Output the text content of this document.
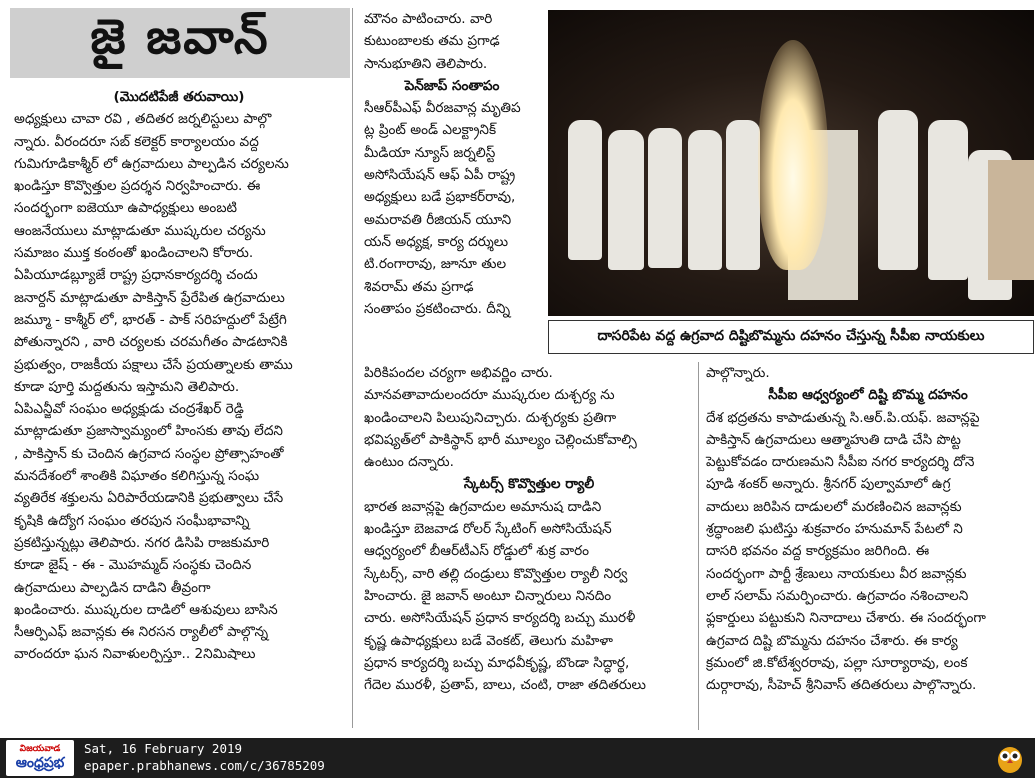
జై జవాన్

(మొదటిపేజీ తరువాయి)

అధ్యక్షులు చావా రవి , తదితర జర్నలిస్టులు పాల్గొ

న్నారు. వీరందరూ సబ్ కలెక్టర్ కార్యాలయం వద్ద

గుమిగూడికాశ్మీర్ లో ఉగ్రవాదులు పాల్పడిన చర్యలను

ఖండిస్తూ కొవ్వొత్తుల ప్రదర్శన నిర్వహించారు. ఈ

సందర్భంగా ఐజెయూ ఉపాధ్యక్షులు అంబటి

ఆంజనేయులు మాట్లాడుతూ ముష్కరుల చర్యను

సమాజం ముక్త కంఠంతో ఖండించాలని కోరారు.

ఏపియూడబ్ల్యూజే రాష్ట్ర ప్రధానకార్యదర్శి చందు

జనార్దన్ మాట్లాడుతూ పాకిస్తాన్ ప్రేరేపిత ఉగ్రవాదులు

జమ్మూ - కాశ్మీర్ లో, భారత్ - పాక్ సరిహద్దులో పేట్రేగి

పోతున్నారని , వారి చర్యలకు చరమగీతం పాడటానికి

ప్రభుత్వం, రాజకీయ పక్షాలు చేసే ప్రయత్నాలకు తాము

కూడా పూర్తి మద్దతును ఇస్తామని తెలిపారు.

ఏపిఎన్జీవో సంఘం అధ్యక్షుడు చంద్రశేఖర్ రెడ్డి

మాట్లాడుతూ ప్రజాస్వామ్యంలో హింసకు తావు లేదని

, పాకిస్తాన్ కు చెందిన ఉగ్రవాద సంస్థల ప్రోత్సాహంతో

మనదేశంలో శాంతికి విఘాతం కలిగిస్తున్న సంఘ

వ్యతిరేక శక్తులను ఏరిపారేయడానికి ప్రభుత్వాలు చేసే

కృషికి ఉద్యోగ సంఘం తరపున సంఘీభావాన్ని

ప్రకటిస్తున్నట్లు తెలిపారు. నగర డిసిపి రాజకుమారి

కూడా జైష్ - ఈ - మొహమ్మద్ సంస్థకు చెందిన

ఉగ్రవాదులు పాల్పడిన దాడిని తీవ్రంగా

ఖండించారు. ముష్కరుల దాడిలో ఆశువులు బాసిన

సీఆర్పిఎఫ్ జవాన్లకు ఈ నిరసన ర్యాలీలో పాల్గొన్న

వారందరూ ఘన నివాళులర్పిస్తూ.. 2నిమిషాలు

మౌనం పాటించారు. వారి

కుటుంబాలకు తమ ప్రగాఢ

సానుభూతిని తెలిపారు.

పెన్‌జాప్ సంతాపం

సీఆర్‌పీఎఫ్ వీరజవాన్ల మృతిప

ట్ల ప్రింట్ అండ్ ఎలక్ట్రానిక్

మీడియా న్యూస్ జర్నలిస్ట్

అసోసియేషన్ ఆఫ్ ఏపీ రాష్ట్ర

అధ్యక్షులు బడే ప్రభాకర్‌రావు,

అమరావతి రీజియన్ యూని

యన్ అధ్యక్ష, కార్య దర్శులు

టి.రంగారావు, జూనూ తుల

శివరామ్ తమ ప్రగాఢ

సంతాపం ప్రకటించారు. దీన్ని

పిరికిపందల చర్యగా అభివర్ణిం చారు.

మానవతావాదులందరూ ముష్కరుల దుశ్చర్య ను

ఖండించాలని పిలుపునిచ్చారు. దుశ్చర్యకు ప్రతిగా

భవిష్యత్‌లో పాకిస్థాన్ భారీ మూల్యం చెల్లించుకోవాల్సి

ఉంటుం దన్నారు.

స్కేటర్స్ కొవ్వొత్తుల ర్యాలీ

భారత జవాన్లపై ఉగ్రవాదుల అమానుష దాడిని

ఖండిస్తూ బెజవాడ రోలర్ స్కేటింగ్ అసోసియేషన్

ఆధ్వర్యంలో బీఆర్‌టీఎస్ రోడ్డులో శుక్ర వారం

స్కేటర్స్, వారి తల్లి దండ్రులు కొవ్వొత్తుల ర్యాలీ నిర్వ

హించారు. జై జవాన్ అంటూ చిన్నారులు నినదిం

చారు. అసోసియేషన్ ప్రధాన కార్యదర్శి బచ్చు మురళీ

కృష్ణ ఉపాధ్యక్షులు బడే వెంకట్, తెలుగు మహిళా

ప్రధాన కార్యదర్శి బచ్చు మాధవీకృష్ణ, బొండా సిద్ధార్థ,

గేదెల మురళీ, ప్రతాప్, బాలు, చంటి, రాజా తదితరులు

దాసరిపేట వద్ద ఉగ్రవాద దిష్టిబొమ్మను దహనం చేస్తున్న సీపీఐ నాయకులు

పాల్గొన్నారు.

సీపీఐ ఆధ్వర్యంలో దిష్టి బొమ్మ దహనం

దేశ భద్రతను కాపాడుతున్న సి.ఆర్.పి.యఫ్. జవాన్లపై

పాకిస్తాన్ ఉగ్రవాదులు ఆత్మాహుతి దాడి చేసి పొట్ట

పెట్టుకోవడం దారుణమని సీపీఐ నగర కార్యదర్శి దోనె

పూడి శంకర్ అన్నారు. శ్రీనగర్ పుల్వామాలో ఉగ్ర

వాదులు జరిపిన దాడులలో మరణించిన జవాన్లకు

శ్రద్ధాంజలి ఘటిస్తు శుక్రవారం హనుమాన్ పేటలో ని

దాసరి భవనం వద్ద కార్యక్రమం జరిగింది. ఈ

సందర్భంగా పార్టీ శ్రేణులు నాయకులు వీర జవాన్లకు

లాల్ సలామ్ సమర్పించారు. ఉగ్రవాదం నశించాలని

ఫ్లకార్డులు పట్టుకుని నినాదాలు చేశారు. ఈ సందర్భంగా

ఉగ్రవాద దిష్టి బొమ్మను దహనం చేశారు. ఈ కార్య

క్రమంలో జి.కోటేశ్వరరావు, పల్లా సూర్యారావు, లంక

దుర్గారావు, సీహెచ్ శ్రీనివాస్ తదితరులు పాల్గొన్నారు.

విజయవాడ
ఆంధ్రప్రభ
Sat, 16 February 2019
epaper.prabhanews.com/c/36785209
